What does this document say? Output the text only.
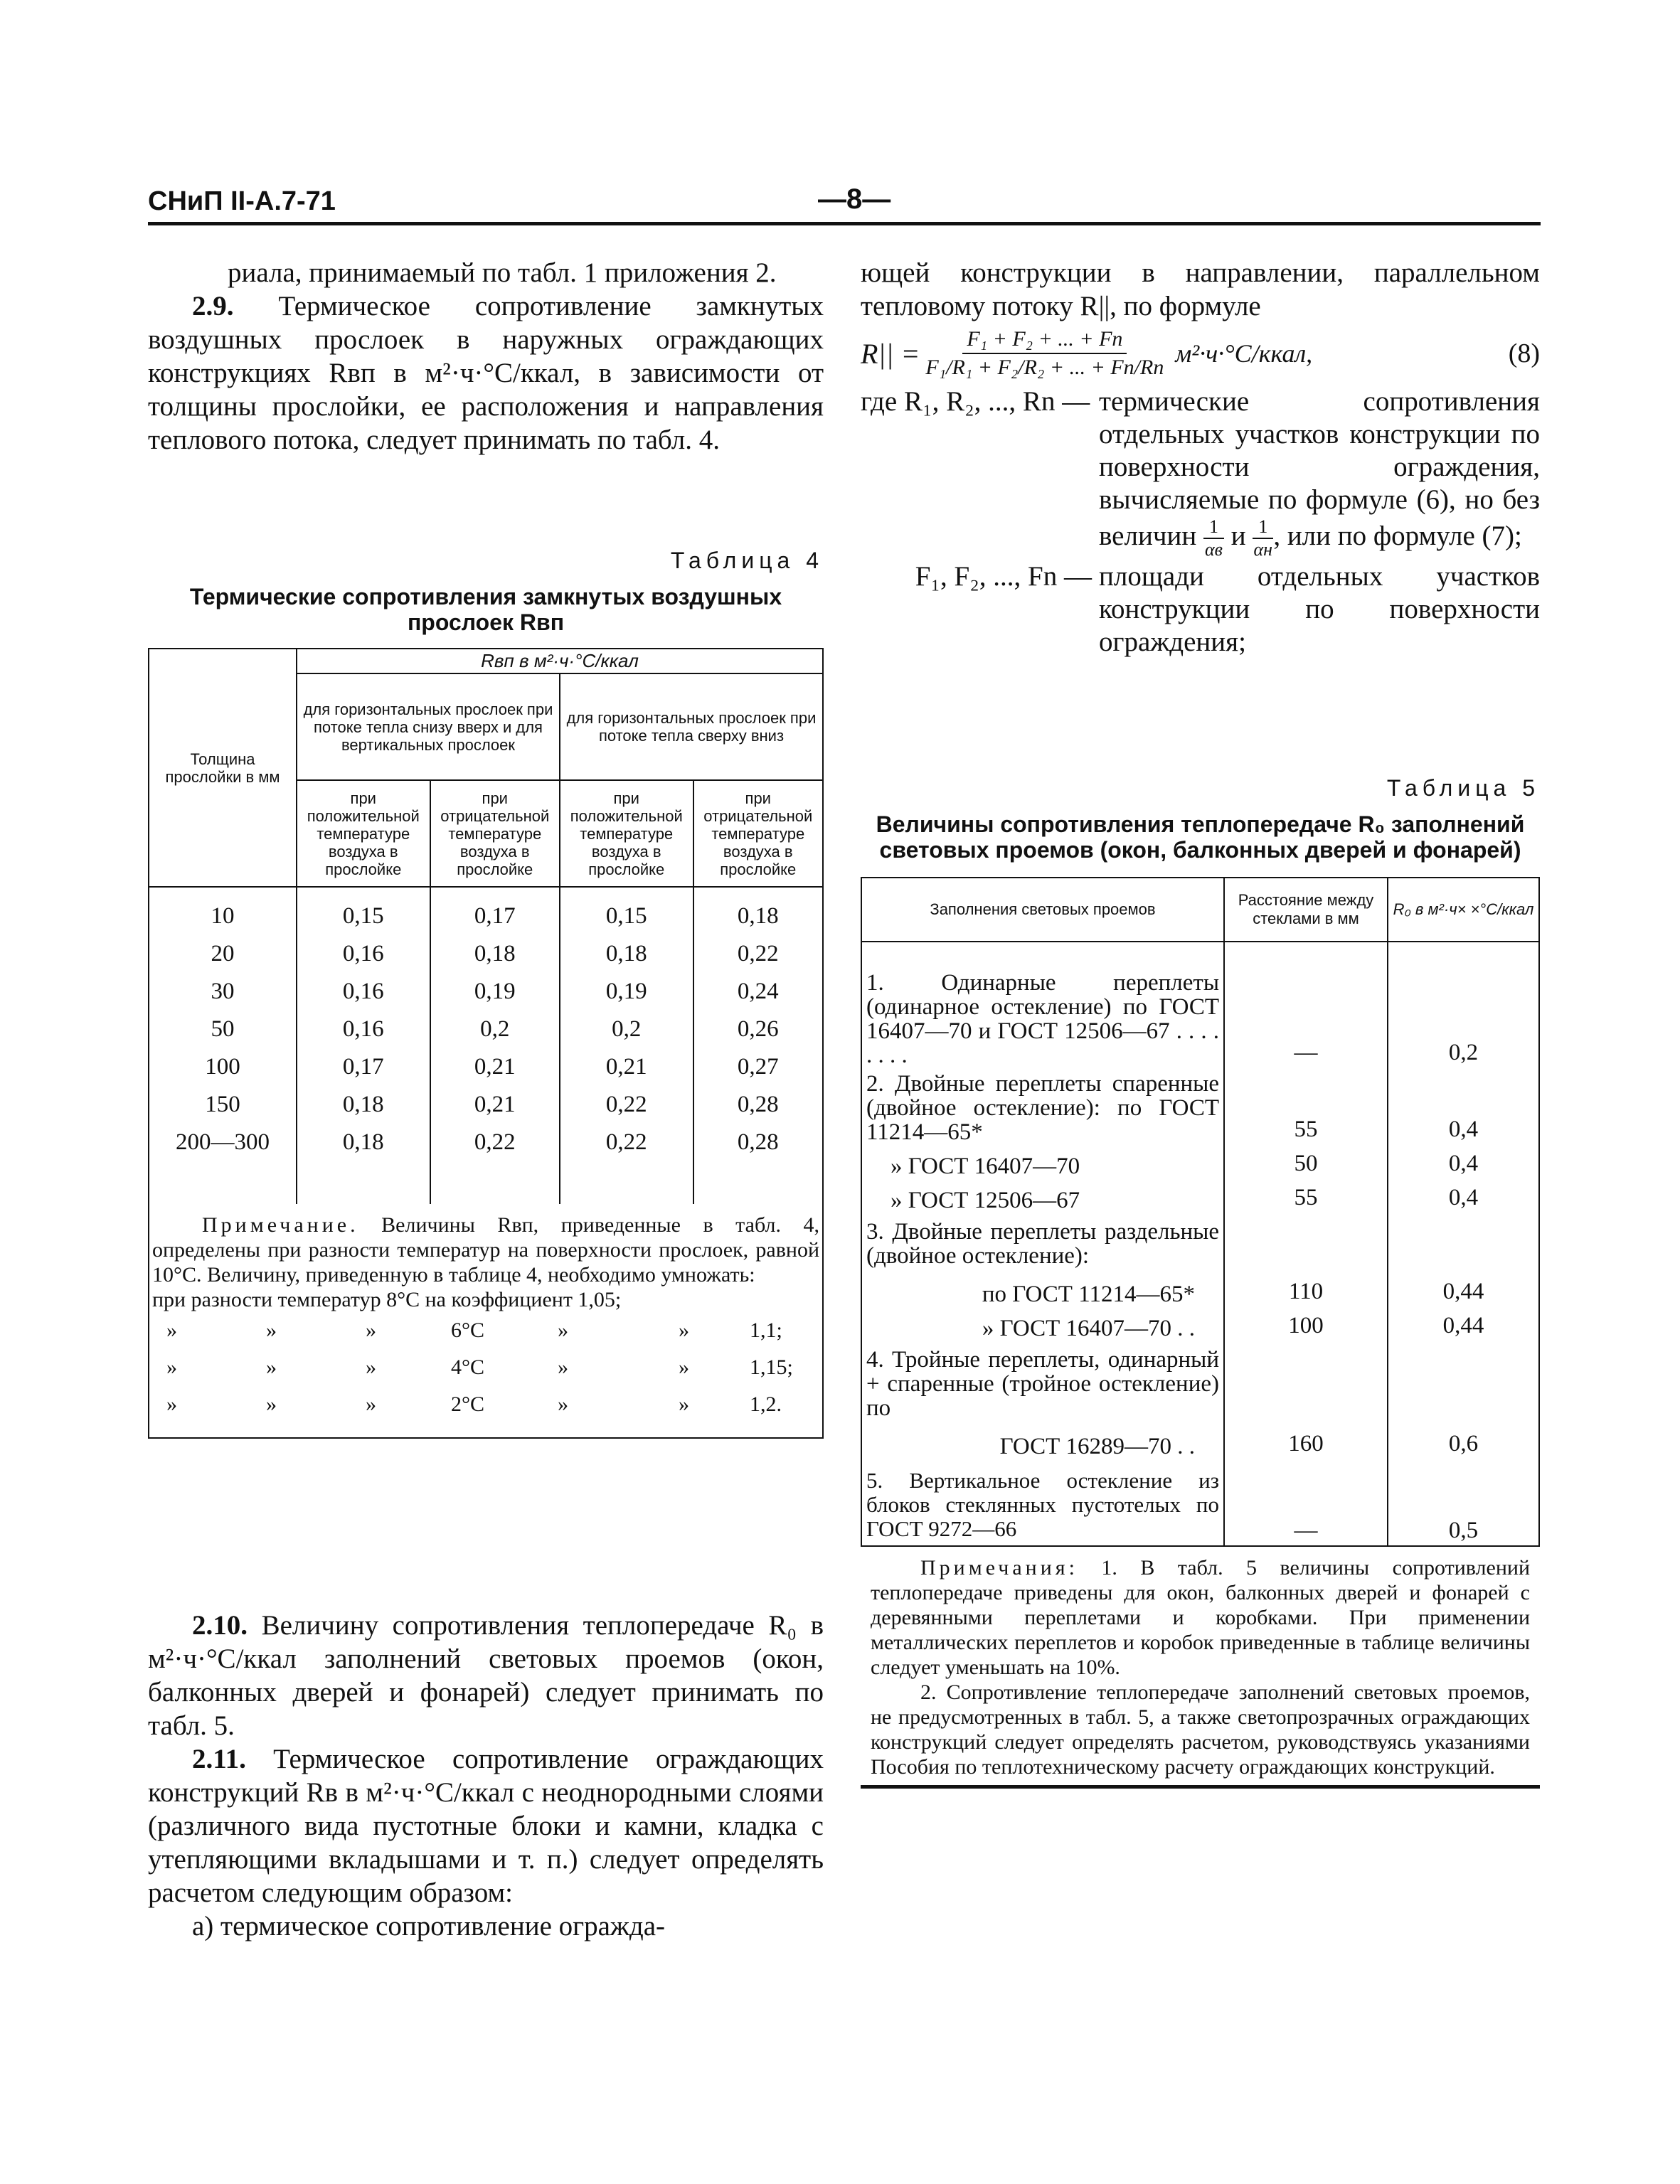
СНиП II-А.7-71	—8—

риала, принимаемый по табл. 1 приложения 2.

2.9. Термическое сопротивление замкнутых воздушных прослоек в наружных ограждающих конструкциях Rвп в м²·ч·°С/ккал, в зависимости от толщины прослойки, ее расположения и направления теплового потока, следует принимать по табл. 4.

Таблица 4
Термические сопротивления замкнутых воздушных прослоек Rвп
Толщина прослойки в мм	Rвп в м²·ч·°С/ккал			
	для горизонтальных прослоек при потоке тепла снизу вверх и для вертикальных прослоек		для горизонтальных прослоек при потоке тепла сверху вниз	
	при положительной температуре воздуха в прослойке	при отрицательной температуре воздуха в прослойке	при положительной температуре воздуха в прослойке	при отрицательной температуре воздуха в прослойке
10	0,15	0,17	0,15	0,18
20	0,16	0,18	0,18	0,22
30	0,16	0,19	0,19	0,24
50	0,16	0,2	0,2	0,26
100	0,17	0,21	0,21	0,27
150	0,18	0,21	0,22	0,28
200—300	0,18	0,22	0,22	0,28
Примечание. Величины Rвп, приведенные в табл. 4, определены при разности температур на поверхности прослоек, равной 10°С. Величину, приведенную в таблице 4, необходимо умножать:
при разности температур 8°С на коэффициент 1,05;
»	»	»	6°С	»	»	1,1;
»	»	»	4°С	»	»	1,15;
»	»	»	2°С	»	»	1,2.

2.10. Величину сопротивления теплопередаче R₀ в м²·ч·°С/ккал заполнений световых проемов (окон, балконных дверей и фонарей) следует принимать по табл. 5.

2.11. Термическое сопротивление ограждающих конструкций Rв в м²·ч·°С/ккал с неоднородными слоями (различного вида пустотные блоки и камни, кладка с утепляющими вкладышами и т. п.) следует определять расчетом следующим образом:

а) термическое сопротивление огражда-

ющей конструкции в направлении, параллельном тепловому потоку R||, по формуле

$R|| = \frac{\text{F₁ + F₂ + ... + Fn}}{\text{F₁/R₁ + F₂/R₂ + ... + Fn/Rn}}$ м²·ч·°С/ккал,	(8)
где R₁, R₂, ..., Rn — термические сопротивления отдельных участков конструкции по поверхности ограждения, вычисляемые по формуле (6), но без величин $\frac{1}{\alpha в}$ и $\frac{1}{\alpha н}$ , или по формуле (7);
F₁, F₂, ..., Fn — площади отдельных участков конструкции по поверхности ограждения;
Таблица 5
Величины сопротивления теплопередаче R₀ заполнений световых проемов (окон, балконных дверей и фонарей)
Заполнения световых проемов	Расстояние между стеклами в мм	R₀ в м²·ч× ×°С/ккал
1. Одинарные переплеты (одинарное остекление) по ГОСТ 16407—70 и ГОСТ 12506—67 . . . . . . . .	—	0,2
2. Двойные переплеты спаренные (двойное остекление): по ГОСТ 11214—65*	55	0,4
» ГОСТ 16407—70	50	0,4
» ГОСТ 12506—67	55	0,4
3. Двойные переплеты раздельные (двойное остекление):		
по ГОСТ 11214—65*	110	0,44
» ГОСТ 16407—70 . .	100	0,44
4. Тройные переплеты, одинарный + спаренные (тройное остекление) по		
ГОСТ 16289—70 . .	160	0,6
5. Вертикальное остекление из блоков стеклянных пустотелых по ГОСТ 9272—66	—	0,5
Примечания: 1. В табл. 5 величины сопротивлений теплопередаче приведены для окон, балконных дверей и фонарей с деревянными переплетами и коробками. При применении металлических переплетов и коробок приведенные в таблице величины следует уменьшать на 10%.
2. Сопротивление теплопередаче заполнений световых проемов, не предусмотренных в табл. 5, а также светопрозрачных ограждающих конструкций следует определять расчетом, руководствуясь указаниями Пособия по теплотехническому расчету ограждающих конструкций.
